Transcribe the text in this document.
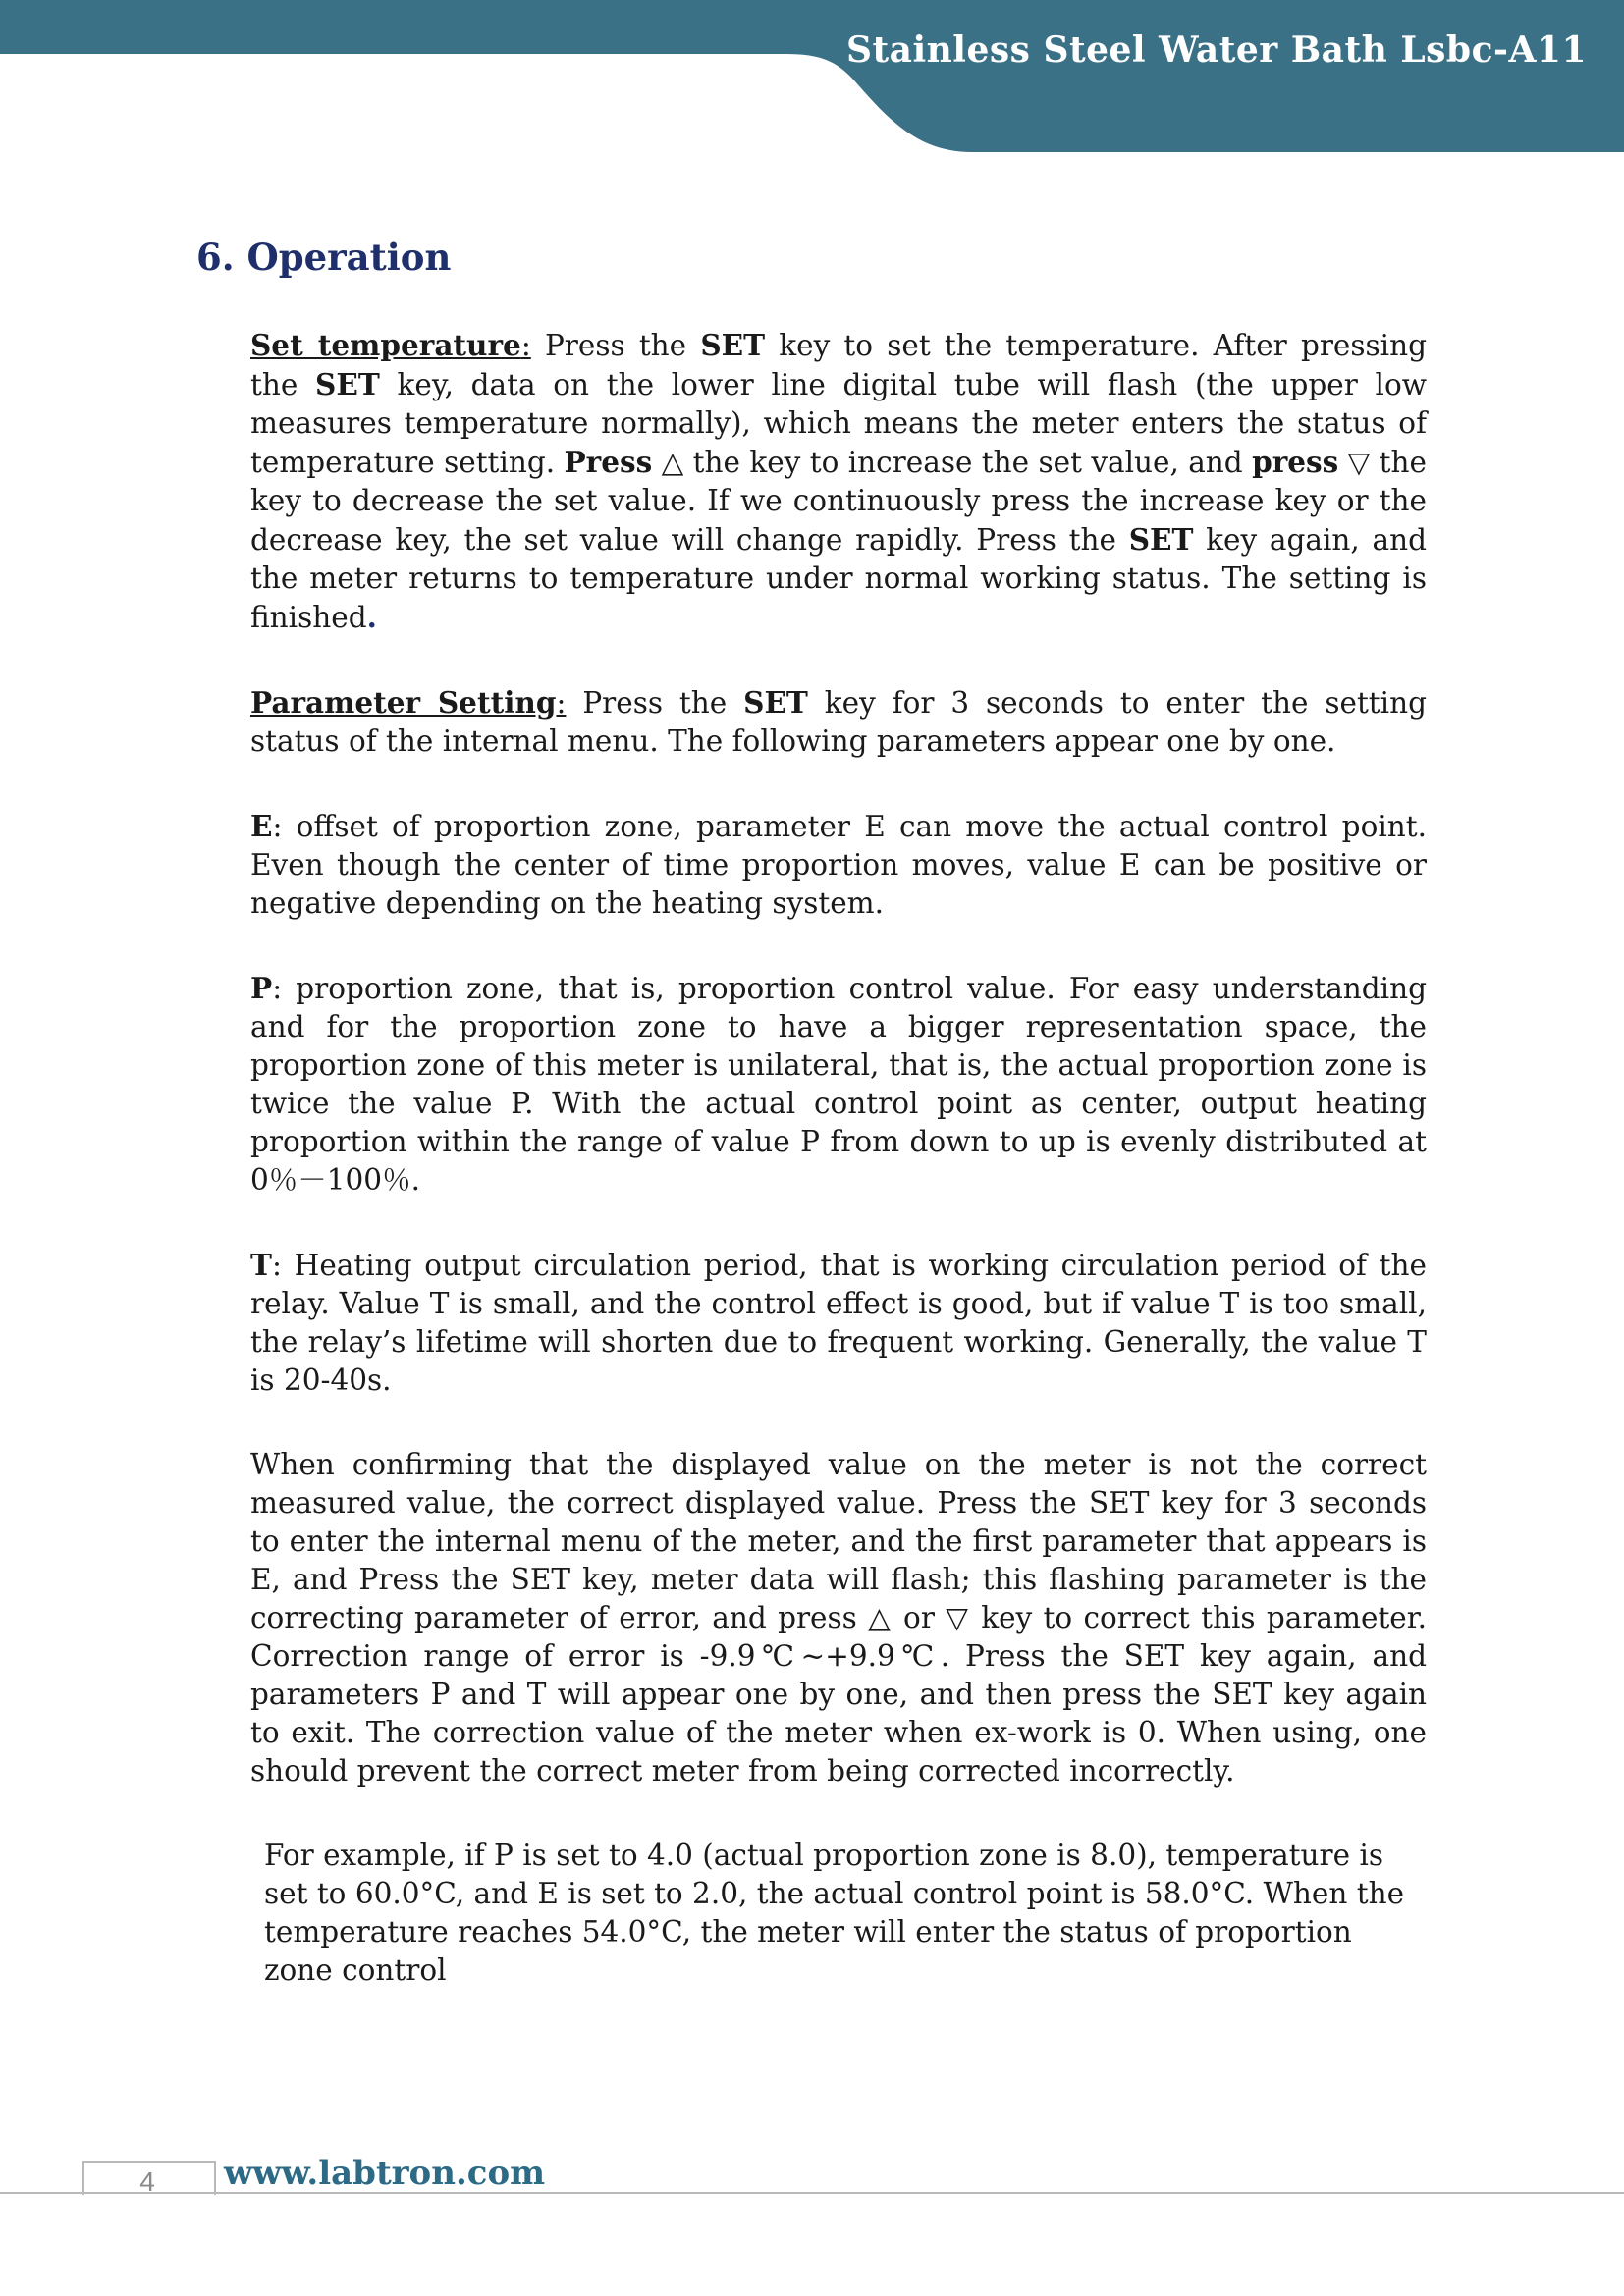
Stainless Steel Water Bath Lsbc-A11
6. Operation

Set temperature: Press the SET key to set the temperature. After pressing the SET key, data on the lower line digital tube will flash (the upper low measures temperature normally), which means the meter enters the status of temperature setting. Press △ the key to increase the set value, and press ▽ the key to decrease the set value. If we continuously press the increase key or the decrease key, the set value will change rapidly. Press the SET key again, and the meter returns to temperature under normal working status. The setting is finished.

Parameter Setting: Press the SET key for 3 seconds to enter the setting status of the internal menu. The following parameters appear one by one.

E: offset of proportion zone, parameter E can move the actual control point. Even though the center of time proportion moves, value E can be positive or negative depending on the heating system.

P: proportion zone, that is, proportion control value. For easy understanding and for the proportion zone to have a bigger representation space, the proportion zone of this meter is unilateral, that is, the actual proportion zone is twice the value P. With the actual control point as center, output heating proportion within the range of value P from down to up is evenly distributed at 0％－100％.

T: Heating output circulation period, that is working circulation period of the relay. Value T is small, and the control effect is good, but if value T is too small, the relay’s lifetime will shorten due to frequent working. Generally, the value T is 20-40s.

When confirming that the displayed value on the meter is not the correct measured value, the correct displayed value. Press the SET key for 3 seconds to enter the internal menu of the meter, and the first parameter that appears is E, and Press the SET key, meter data will flash; this flashing parameter is the correcting parameter of error, and press △ or ▽ key to correct this parameter. Correction range of error is -9.9℃~+9.9℃. Press the SET key again, and parameters P and T will appear one by one, and then press the SET key again to exit. The correction value of the meter when ex-work is 0. When using, one should prevent the correct meter from being corrected incorrectly.

For example, if P is set to 4.0 (actual proportion zone is 8.0), temperature is set to 60.0°C, and E is set to 2.0, the actual control point is 58.0°C. When the temperature reaches 54.0°C, the meter will enter the status of proportion zone control

4	www.labtron.com
